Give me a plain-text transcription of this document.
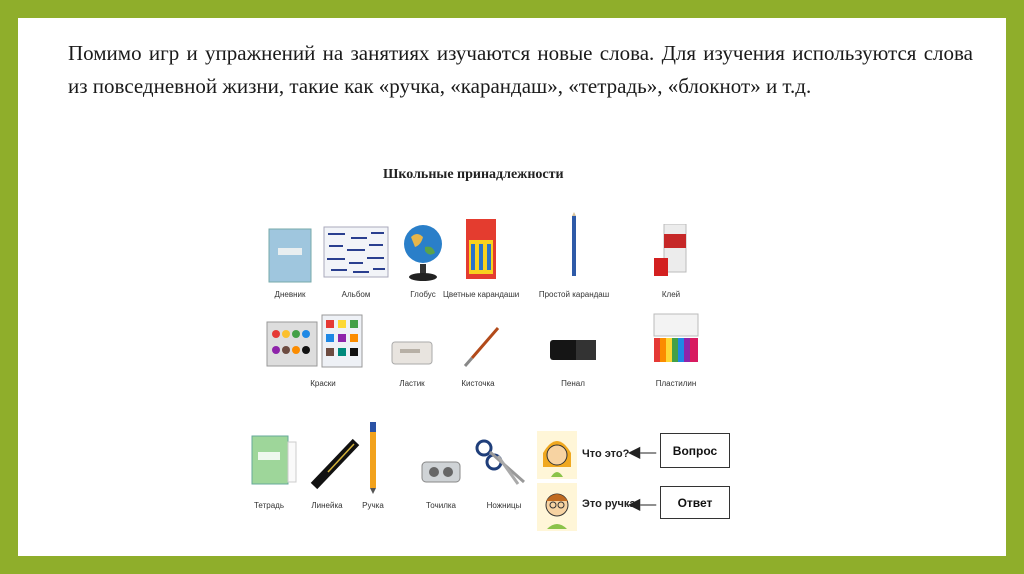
Помимо игр и упражнений на занятиях изучаются новые слова. Для изучения используются слова из повседневной жизни, такие как «ручка, «карандаш», «тетрадь», «блокнот» и т.д.

Школьные принадлежности
Дневник	Альбом	Глобус Цветные карандаши	Простой карандаш	Клей
Краски	Ластик	Кисточка	Пенал	Пластилин
Тетрадь	Линейка	Ручка	Точилка	Ножницы
Что это?	Вопрос
◀—
Это ручка	Ответ
◀—
